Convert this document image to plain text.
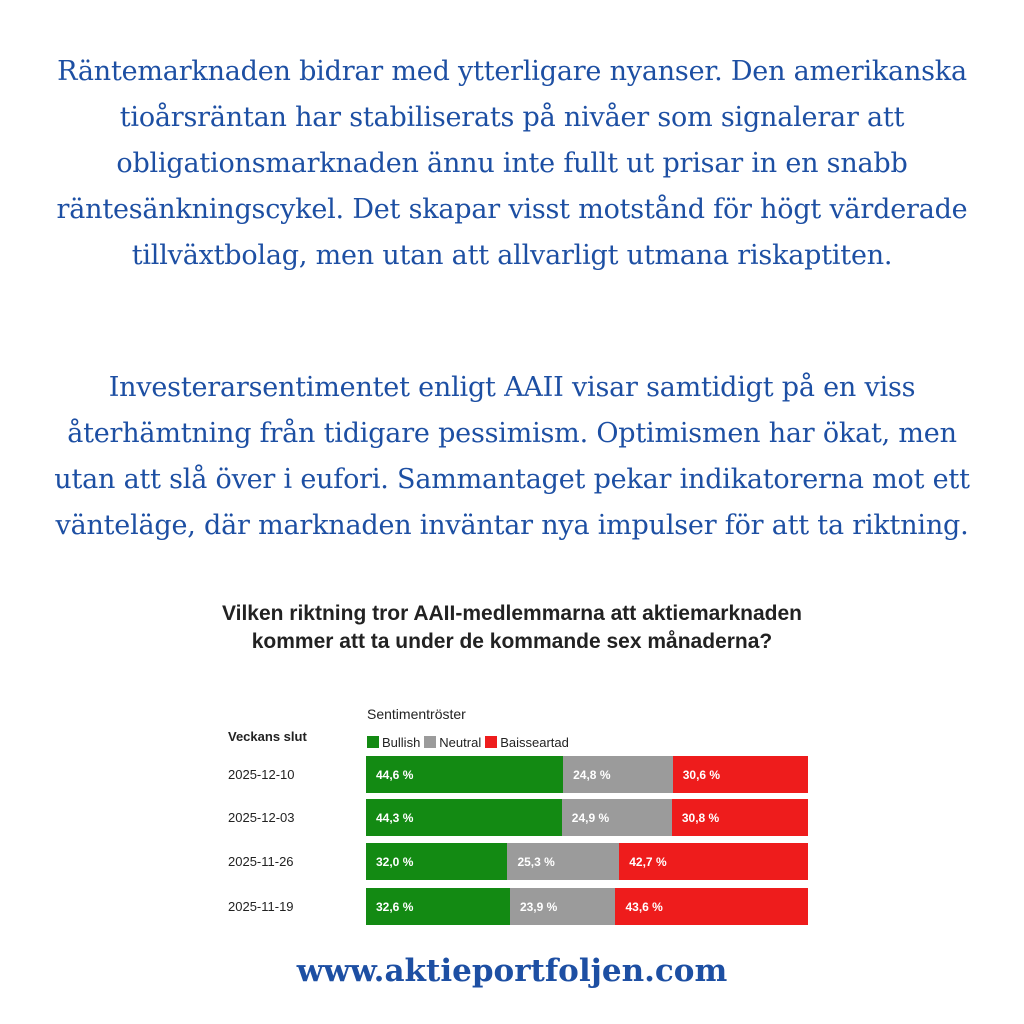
Räntemarknaden bidrar med ytterligare nyanser. Den amerikanska tioårsräntan har stabiliserats på nivåer som signalerar att obligationsmarknaden ännu inte fullt ut prisar in en snabb räntesänkningscykel. Det skapar visst motstånd för högt värderade tillväxtbolag, men utan att allvarligt utmana riskaptiten.

Investerarsentimentet enligt AAII visar samtidigt på en viss återhämtning från tidigare pessimism. Optimismen har ökat, men utan att slå över i eufori. Sammantaget pekar indikatorerna mot ett vänteläge, där marknaden inväntar nya impulser för att ta riktning.

Vilken riktning tror AAII-medlemmarna att aktiemarknaden kommer att ta under de kommande sex månaderna?

Sentimentröster
Veckans slut	Bullish Neutral Baisseartad
2025-12-10	44,6 %	24,8 %	30,6 %
2025-12-03	44,3 %	24,9 %	30,8 %
2025-11-26	32,0 %	25,3 %	42,7 %
2025-11-19	32,6 %	23,9 %	43,6 %

www.aktieportfoljen.com
